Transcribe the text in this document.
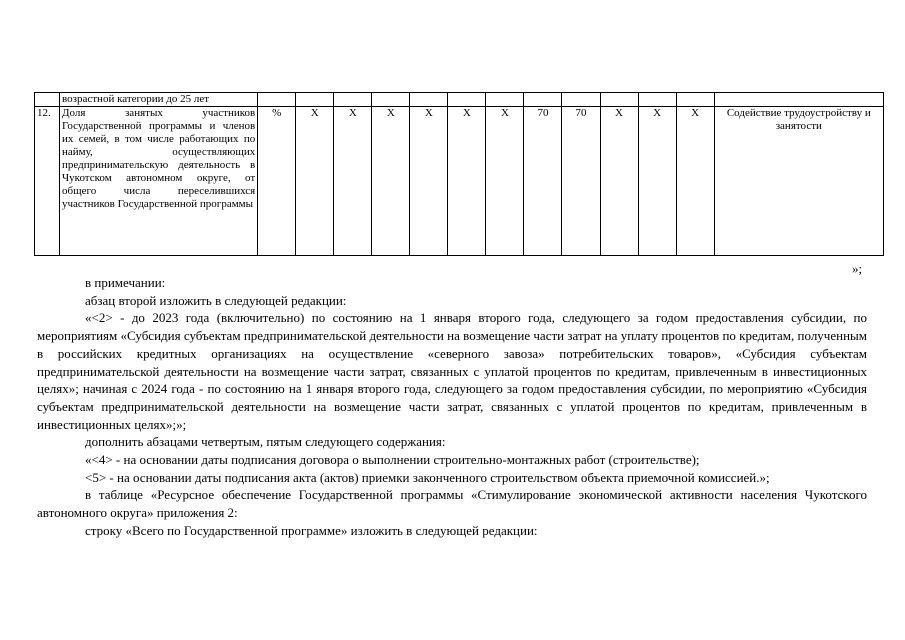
	возрастной категории до 25 лет													
12.	Доля занятых участников Государственной программы и членов их семей, в том числе работающих по найму, осуществляющих предпринимательскую деятельность в Чукотском автономном округе, от общего числа переселившихся участников Государственной программы	%	X	X	X	X	X	X	70	70	X	X	X	Содействие трудоустройству и занятости
»;

в примечании:

абзац второй изложить в следующей редакции:

«<2> - до 2023 года (включительно) по состоянию на 1 января второго года, следующего за годом предоставления субсидии, по мероприятиям «Субсидия субъектам предпринимательской деятельности на возмещение части затрат на уплату процентов по кредитам, полученным в российских кредитных организациях на осуществление «северного завоза» потребительских товаров», «Субсидия субъектам предпринимательской деятельности на возмещение части затрат, связанных с уплатой процентов по кредитам, привлеченным в инвестиционных целях»; начиная с 2024 года - по состоянию на 1 января второго года, следующего за годом предоставления субсидии, по мероприятию «Субсидия субъектам предпринимательской деятельности на возмещение части затрат, связанных с уплатой процентов по кредитам, привлеченным в инвестиционных целях»;»;

дополнить абзацами четвертым, пятым следующего содержания:

«<4> - на основании даты подписания договора о выполнении строительно-монтажных работ (строительстве);

<5> - на основании даты подписания акта (актов) приемки законченного строительством объекта приемочной комиссией.»;

в таблице «Ресурсное обеспечение Государственной программы «Стимулирование экономической активности населения Чукотского автономного округа» приложения 2:

строку «Всего по Государственной программе» изложить в следующей редакции:
